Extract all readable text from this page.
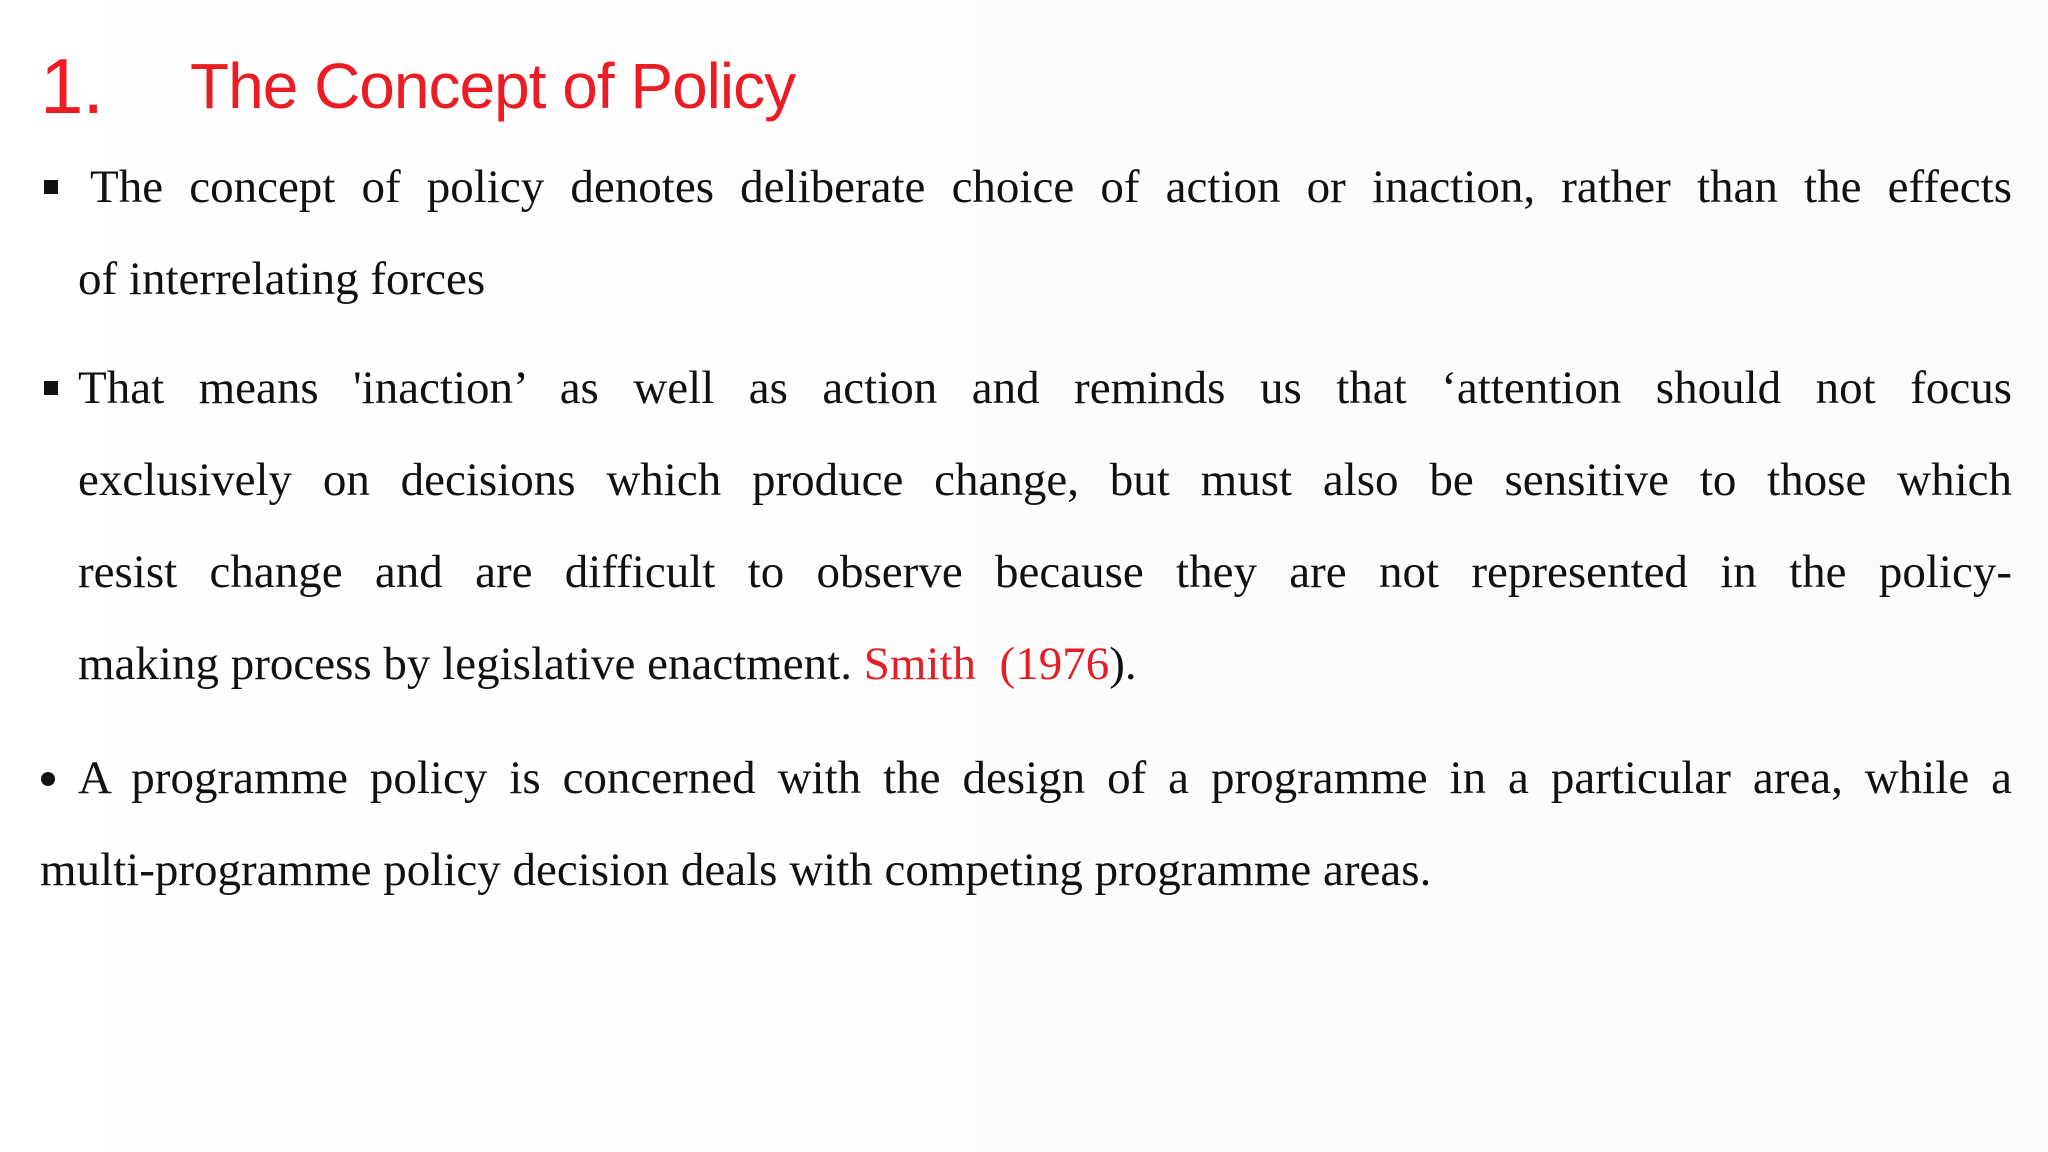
1.	The Concept of Policy
The concept of policy denotes deliberate choice of action or inaction, rather than the effects
of interrelating forces
That means 'inaction’ as well as action and reminds us that ‘attention should not focus
exclusively on decisions which produce change, but must also be sensitive to those which
resist change and are difficult to observe because they are not represented in the policy-
making process by legislative enactment. Smith (1976).
A programme policy is concerned with the design of a programme in a particular area, while a
multi-programme policy decision deals with competing programme areas.
